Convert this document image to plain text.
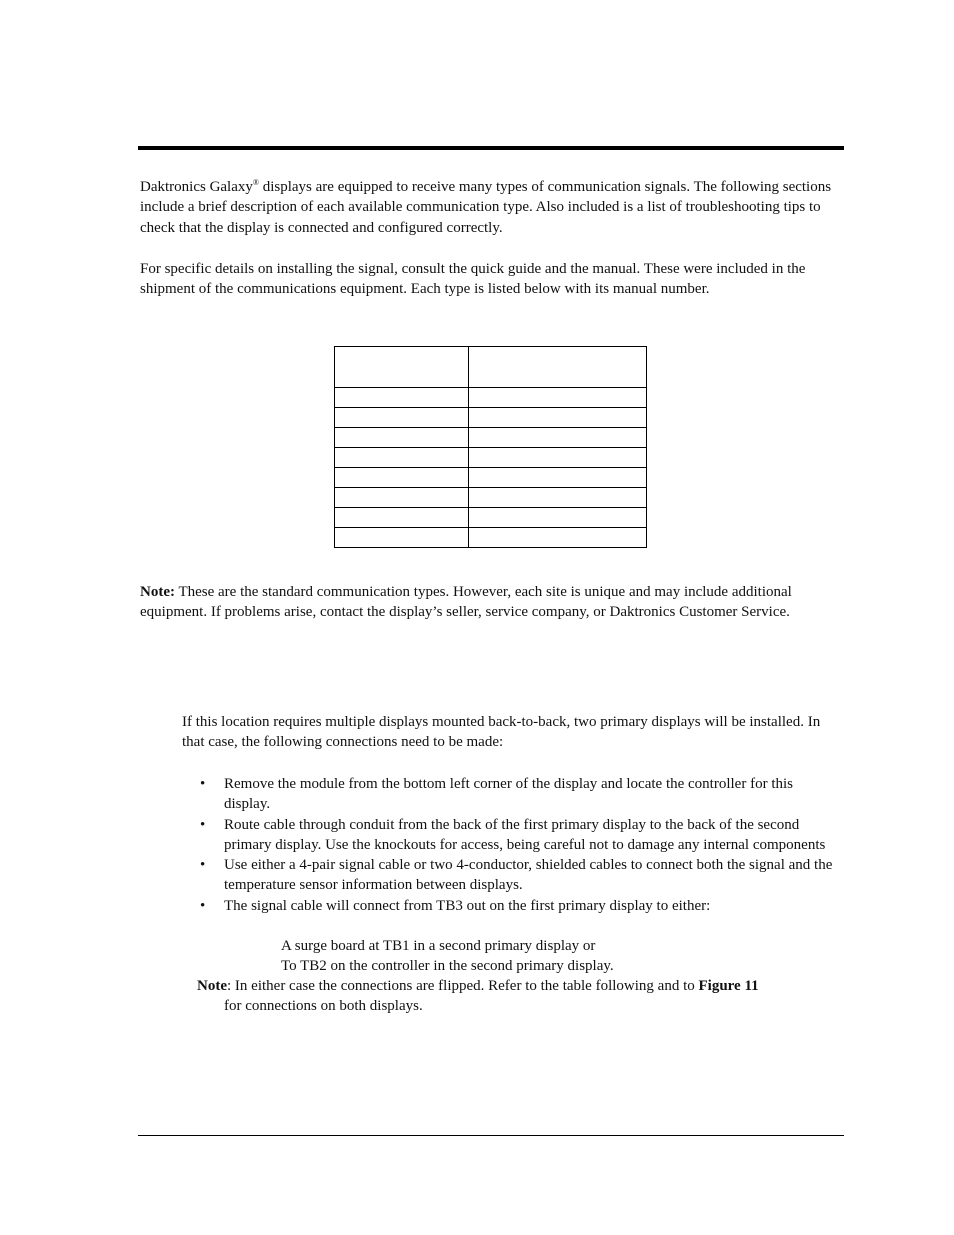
Daktronics Galaxy® displays are equipped to receive many types of communication signals. The following sections include a brief description of each available communication type. Also included is a list of troubleshooting tips to check that the display is connected and configured correctly.

For specific details on installing the signal, consult the quick guide and the manual. These were included in the shipment of the communications equipment. Each type is listed below with its manual number.

Note: These are the standard communication types. However, each site is unique and may include additional equipment. If problems arise, contact the display’s seller, service company, or Daktronics Customer Service.

If this location requires multiple displays mounted back-to-back, two primary displays will be installed. In that case, the following connections need to be made:

• Remove the module from the bottom left corner of the display and locate the controller for this display.
• Route cable through conduit from the back of the first primary display to the back of the second primary display. Use the knockouts for access, being careful not to damage any internal components
• Use either a 4-pair signal cable or two 4-conductor, shielded cables to connect both the signal and the temperature sensor information between displays.
• The signal cable will connect from TB3 out on the first primary display to either:

A surge board at TB1 in a second primary display or

To TB2 on the controller in the second primary display.

Note: In either case the connections are flipped. Refer to the table following and to Figure 11
for connections on both displays.
